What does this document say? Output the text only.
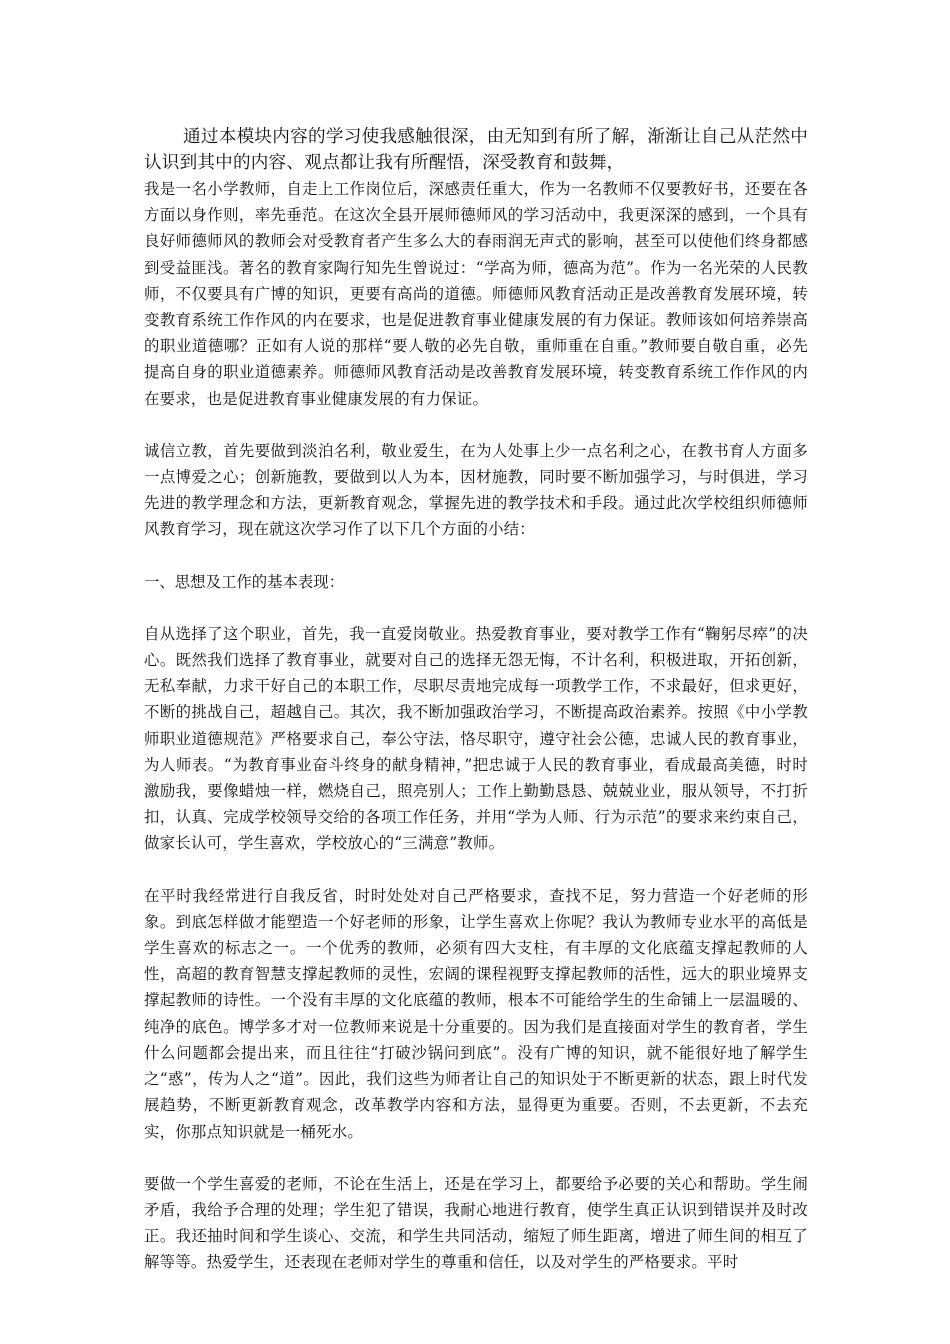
通过本模块内容的学习使我感触很深，由无知到有所了解，渐渐让自己从茫然中认识到其中的内容、观点都让我有所醒悟，深受教育和鼓舞，

我是一名小学教师，自走上工作岗位后，深感责任重大，作为一名教师不仅要教好书，还要在各方面以身作则，率先垂范。在这次全县开展师德师风的学习活动中，我更深深的感到，一个具有良好师德师风的教师会对受教育者产生多么大的春雨润无声式的影响，甚至可以使他们终身都感到受益匪浅。著名的教育家陶行知先生曾说过：“学高为师，德高为范”。作为一名光荣的人民教师，不仅要具有广博的知识，更要有高尚的道德。师德师风教育活动正是改善教育发展环境，转变教育系统工作作风的内在要求，也是促进教育事业健康发展的有力保证。教师该如何培养崇高的职业道德哪？正如有人说的那样“要人敬的必先自敬，重师重在自重。”教师要自敬自重，必先提高自身的职业道德素养。师德师风教育活动是改善教育发展环境，转变教育系统工作作风的内在要求，也是促进教育事业健康发展的有力保证。

诚信立教，首先要做到淡泊名利，敬业爱生，在为人处事上少一点名利之心，在教书育人方面多一点博爱之心；创新施教，要做到以人为本，因材施教，同时要不断加强学习，与时俱进，学习先进的教学理念和方法，更新教育观念，掌握先进的教学技术和手段。通过此次学校组织师德师风教育学习，现在就这次学习作了以下几个方面的小结：

一、思想及工作的基本表现：

自从选择了这个职业，首先，我一直爱岗敬业。热爱教育事业，要对教学工作有“鞠躬尽瘁”的决心。既然我们选择了教育事业，就要对自己的选择无怨无悔，不计名利，积极进取，开拓创新，无私奉献，力求干好自己的本职工作，尽职尽责地完成每一项教学工作，不求最好，但求更好，不断的挑战自己，超越自己。其次，我不断加强政治学习，不断提高政治素养。按照《中小学教师职业道德规范》严格要求自己，奉公守法，恪尽职守，遵守社会公德，忠诚人民的教育事业，为人师表。“为教育事业奋斗终身的献身精神，”把忠诚于人民的教育事业，看成最高美德，时时激励我，要像蜡烛一样，燃烧自己，照亮别人；工作上勤勤恳恳、兢兢业业，服从领导，不打折扣，认真、完成学校领导交给的各项工作任务，并用“学为人师、行为示范”的要求来约束自己，做家长认可，学生喜欢，学校放心的“三满意”教师。

在平时我经常进行自我反省，时时处处对自己严格要求，查找不足，努力营造一个好老师的形象。到底怎样做才能塑造一个好老师的形象，让学生喜欢上你呢？我认为教师专业水平的高低是学生喜欢的标志之一。一个优秀的教师，必须有四大支柱，有丰厚的文化底蕴支撑起教师的人性，高超的教育智慧支撑起教师的灵性，宏阔的课程视野支撑起教师的活性，远大的职业境界支撑起教师的诗性。一个没有丰厚的文化底蕴的教师，根本不可能给学生的生命铺上一层温暖的、纯净的底色。博学多才对一位教师来说是十分重要的。因为我们是直接面对学生的教育者，学生什么问题都会提出来，而且往往“打破沙锅问到底”。没有广博的知识，就不能很好地了解学生之“惑”，传为人之“道”。因此，我们这些为师者让自己的知识处于不断更新的状态，跟上时代发展趋势，不断更新教育观念，改革教学内容和方法，显得更为重要。否则，不去更新，不去充实，你那点知识就是一桶死水。

要做一个学生喜爱的老师，不论在生活上，还是在学习上，都要给予必要的关心和帮助。学生闹矛盾，我给予合理的处理；学生犯了错误，我耐心地进行教育，使学生真正认识到错误并及时改正。我还抽时间和学生谈心、交流，和学生共同活动，缩短了师生距离，增进了师生间的相互了解等等。热爱学生，还表现在老师对学生的尊重和信任，以及对学生的严格要求。平时
